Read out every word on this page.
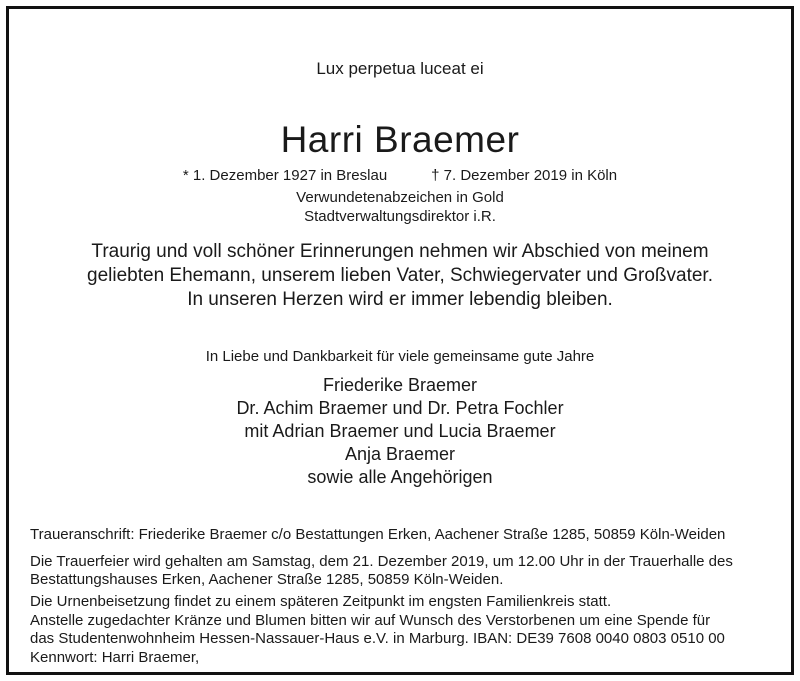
Lux perpetua luceat ei
Harri Braemer
* 1. Dezember 1927 in Breslau	† 7. Dezember 2019 in Köln
Verwundetenabzeichen in Gold
Stadtverwaltungsdirektor i.R.
Traurig und voll schöner Erinnerungen nehmen wir Abschied von meinem
geliebten Ehemann, unserem lieben Vater, Schwiegervater und Großvater.
In unseren Herzen wird er immer lebendig bleiben.
In Liebe und Dankbarkeit für viele gemeinsame gute Jahre
Friederike Braemer
Dr. Achim Braemer und Dr. Petra Fochler
mit Adrian Braemer und Lucia Braemer
Anja Braemer
sowie alle Angehörigen
Traueranschrift: Friederike Braemer c/o Bestattungen Erken, Aachener Straße 1285, 50859 Köln-Weiden
Die Trauerfeier wird gehalten am Samstag, dem 21. Dezember 2019, um 12.00 Uhr in der Trauerhalle des
Bestattungshauses Erken, Aachener Straße 1285, 50859 Köln-Weiden.
Die Urnenbeisetzung findet zu einem späteren Zeitpunkt im engsten Familienkreis statt.
Anstelle zugedachter Kränze und Blumen bitten wir auf Wunsch des Verstorbenen um eine Spende für
das Studentenwohnheim Hessen-Nassauer-Haus e.V. in Marburg. IBAN: DE39 7608 0040 0803 0510 00
Kennwort: Harri Braemer,
